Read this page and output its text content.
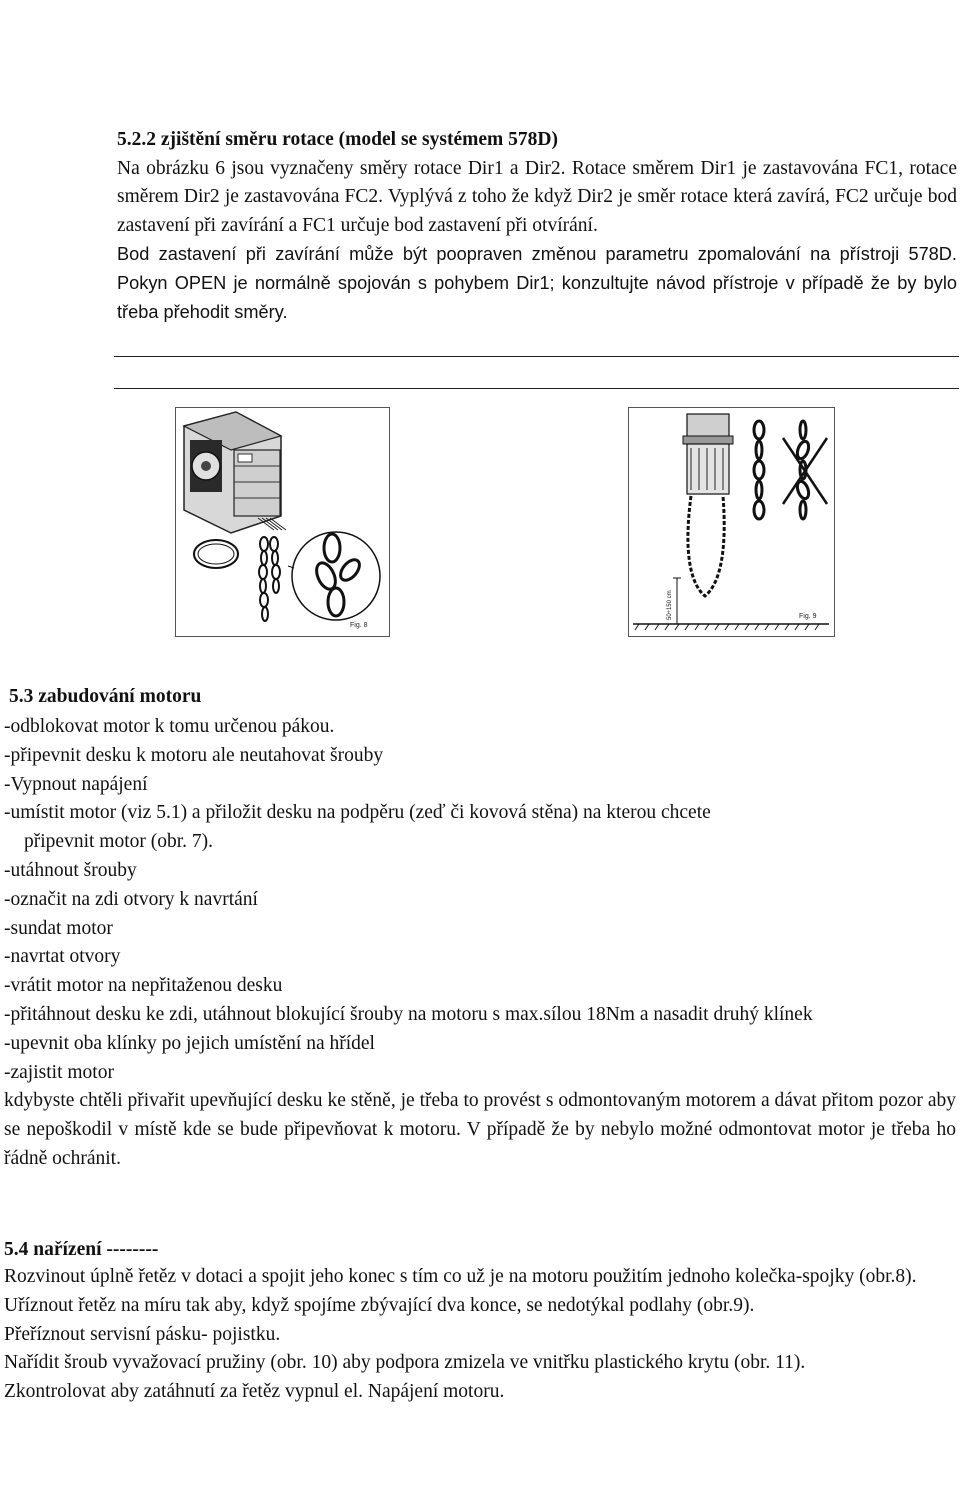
5.2.2 zjištění směru rotace (model se systémem 578D)

Na obrázku 6 jsou vyznačeny směry rotace Dir1 a Dir2. Rotace směrem Dir1 je zastavována FC1, rotace směrem Dir2 je zastavována FC2. Vyplývá z toho že když Dir2 je směr rotace která zavírá, FC2 určuje bod zastavení při zavírání a FC1 určuje bod zastavení při otvírání.

Bod zastavení při zavírání může být poopraven změnou parametru zpomalování na přístroji 578D. Pokyn OPEN je normálně spojován s pohybem Dir1; konzultujte návod přístroje v případě že by bylo třeba přehodit směry.

Fig. 8
50÷150 cm	Fig. 9
5.3 zabudování motoru

-odblokovat motor k tomu určenou pákou.

-připevnit desku k motoru ale neutahovat šrouby

-Vypnout napájení

-umístit motor (viz 5.1) a přiložit desku na podpěru (zeď či kovová stěna) na kterou chcete

připevnit motor (obr. 7).

-utáhnout šrouby

-označit na zdi otvory k navrtání

-sundat motor

-navrtat otvory

-vrátit motor na nepřitaženou desku

-přitáhnout desku ke zdi, utáhnout blokující šrouby na motoru s max.sílou 18Nm a nasadit druhý klínek

-upevnit oba klínky po jejich umístění na hřídel

-zajistit motor

kdybyste chtěli přivařit upevňující desku ke stěně, je třeba to provést s odmontovaným motorem a dávat přitom pozor aby se nepoškodil v místě kde se bude připevňovat k motoru. V případě že by nebylo možné odmontovat motor je třeba ho řádně ochránit.

5.4 nařízení --------

Rozvinout úplně řetěz v dotaci a spojit jeho konec s tím co už je na motoru použitím jednoho kolečka-spojky (obr.8).

Uříznout řetěz na míru tak aby, když spojíme zbývající dva konce, se nedotýkal podlahy (obr.9).

Přeříznout servisní pásku- pojistku.

Nařídit šroub vyvažovací pružiny (obr. 10) aby podpora zmizela ve vnitřku plastického krytu (obr. 11).

Zkontrolovat aby zatáhnutí za řetěz vypnul el. Napájení motoru.
